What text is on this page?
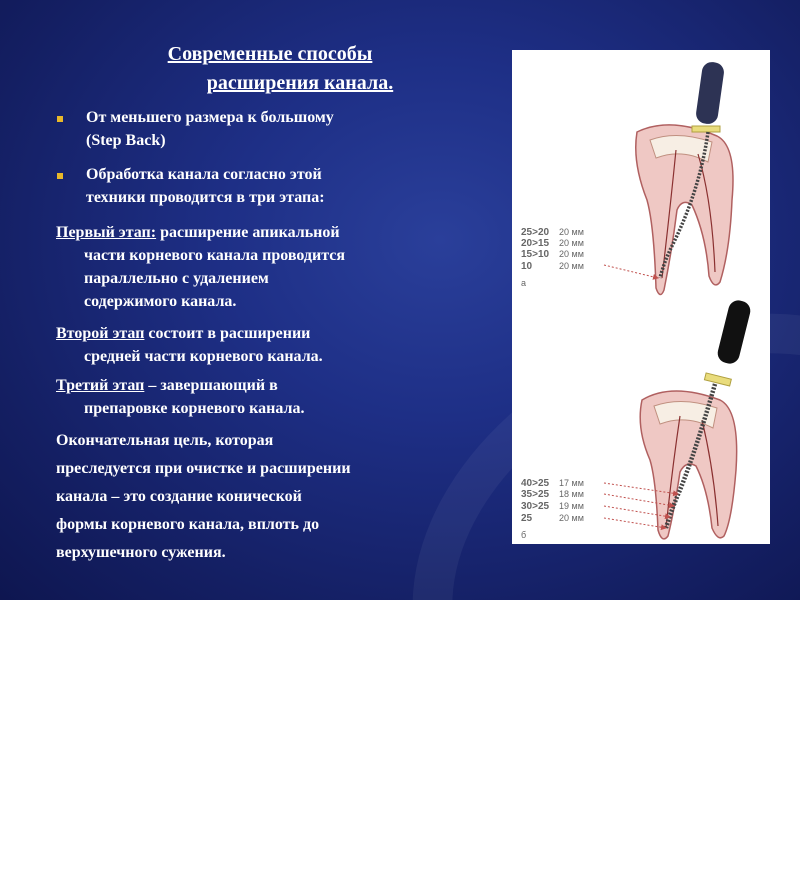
Современные способы
расширения канала.
От меньшего размера к большому
(Step Back)
Обработка канала согласно этой
техники проводится в три этапа:
Первый этап: расширение апикальной
части корневого канала проводится
параллельно с удалением
содержимого канала.
Второй этап состоит в расширении
средней части корневого канала.
Третий этап – завершающий в
препаровке корневого канала.
Окончательная цель, которая
преследуется при очистке и расширении
канала – это создание конической
формы корневого канала, вплоть до
верхушечного сужения.
25>20 20 мм
20>15 20 мм
15>10 20 мм
10	20 мм
а
40>25 17 мм
35>25 18 мм
30>25 19 мм
25	20 мм
б
